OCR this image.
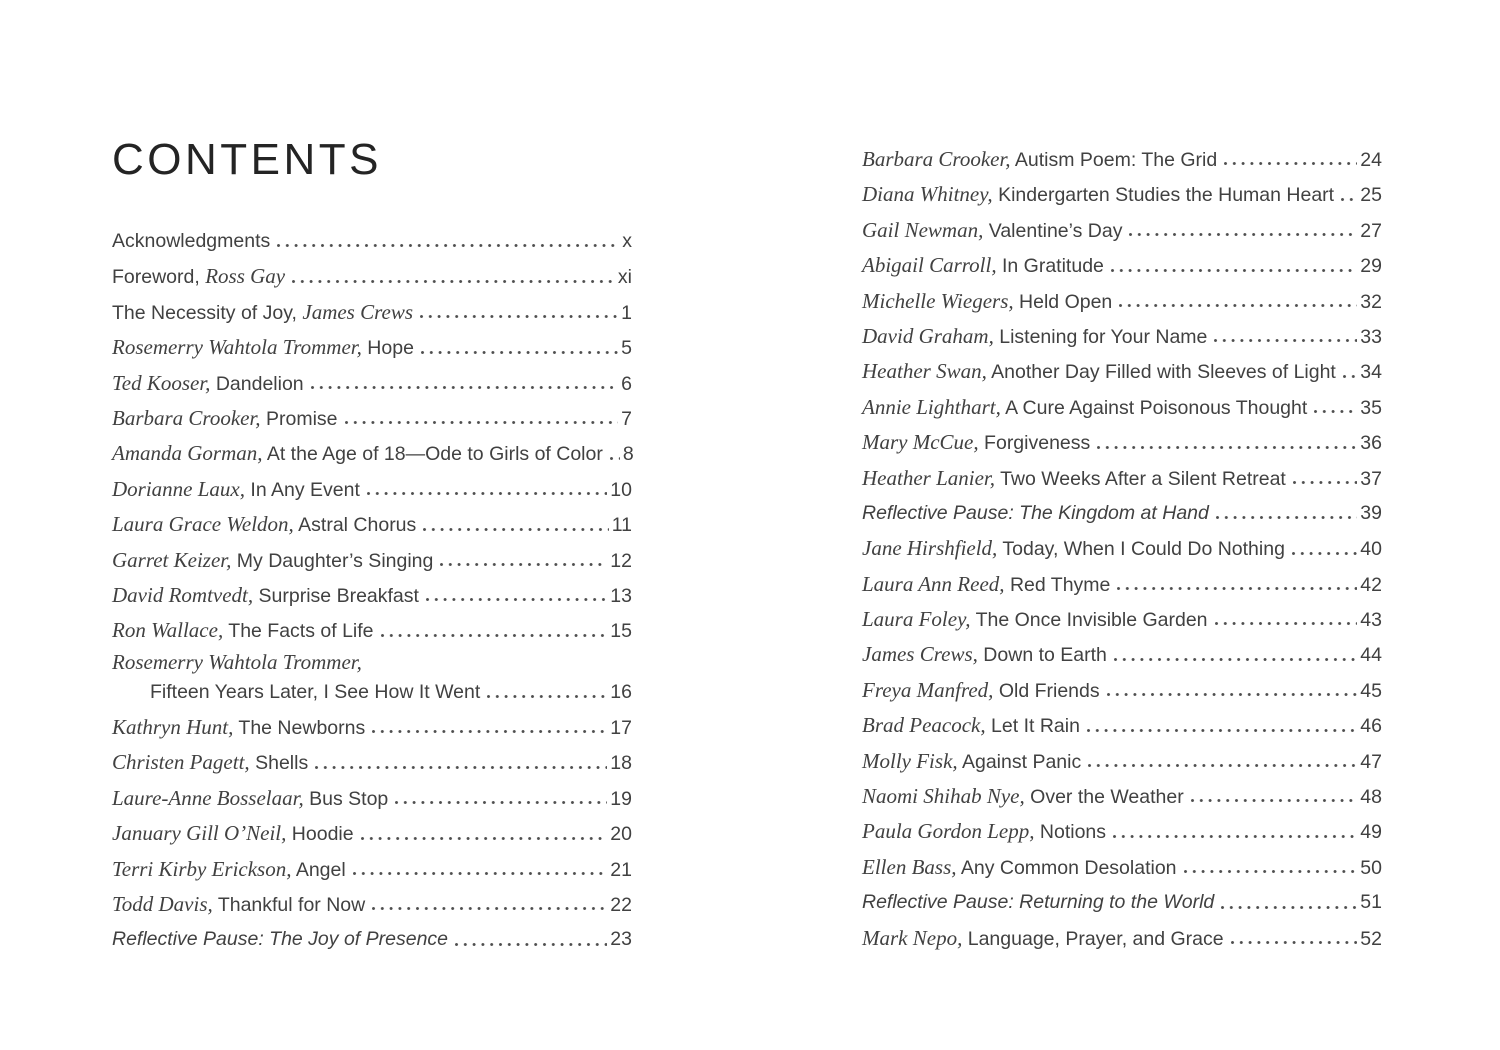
CONTENTS
Acknowledgments	x
Foreword, Ross Gay	xi
The Necessity of Joy, James Crews	1
Rosemerry Wahtola Trommer, Hope	5
Ted Kooser, Dandelion	6
Barbara Crooker, Promise	7
Amanda Gorman, At the Age of 18—Ode to Girls of Color 8
Dorianne Laux, In Any Event	10
Laura Grace Weldon, Astral Chorus	11
Garret Keizer, My Daughter’s Singing	12
David Romtvedt, Surprise Breakfast	13
Ron Wallace, The Facts of Life	15
Rosemerry Wahtola Trommer,
Fifteen Years Later, I See How It Went	16
Kathryn Hunt, The Newborns	17
Christen Pagett, Shells	18
Laure-Anne Bosselaar, Bus Stop	19
January Gill O’Neil, Hoodie	20
Terri Kirby Erickson, Angel	21
Todd Davis, Thankful for Now	22
Reflective Pause: The Joy of Presence	23
Barbara Crooker, Autism Poem: The Grid	24
Diana Whitney, Kindergarten Studies the Human Heart 25
Gail Newman, Valentine’s Day	27
Abigail Carroll, In Gratitude	29
Michelle Wiegers, Held Open	32
David Graham, Listening for Your Name	33
Heather Swan, Another Day Filled with Sleeves of Light 34
Annie Lighthart, A Cure Against Poisonous Thought	35
Mary McCue, Forgiveness	36
Heather Lanier, Two Weeks After a Silent Retreat	37
Reflective Pause: The Kingdom at Hand	39
Jane Hirshfield, Today, When I Could Do Nothing	40
Laura Ann Reed, Red Thyme	42
Laura Foley, The Once Invisible Garden	43
James Crews, Down to Earth	44
Freya Manfred, Old Friends	45
Brad Peacock, Let It Rain	46
Molly Fisk, Against Panic	47
Naomi Shihab Nye, Over the Weather	48
Paula Gordon Lepp, Notions	49
Ellen Bass, Any Common Desolation	50
Reflective Pause: Returning to the World	51
Mark Nepo, Language, Prayer, and Grace	52
